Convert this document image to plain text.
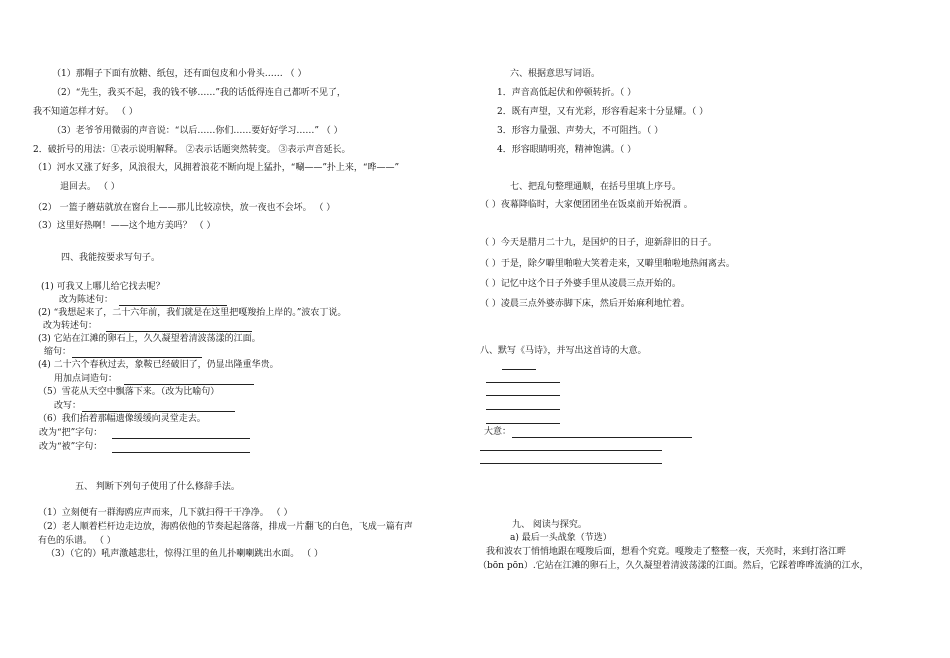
（1）那帽子下面有放糖、纸包，还有面包皮和小骨头…… （ ）
（2）“先生，我买不起，我的钱不够……”我的话低得连自己都听不见了，
我不知道怎样才好。 （ ）
（3）老爷爷用微弱的声音说：“以后……你们……要好好学习……” （ ）
2．破折号的用法：①表示说明解释。 ②表示话题突然转变。 ③表示声音延长。
（1）河水又涨了好多，风浪很大，风拥着浪花不断向堤上猛扑，“唰——”扑上来，“哗——”
退回去。 （ ）
（2） 一篮子蘑菇就放在窗台上——那儿比较凉快，放一夜也不会坏。 （ ）
（3）这里好热啊！——这个地方美吗？ （ ）
四、我能按要求写句子。
(1) 可我又上哪儿给它找去呢？
改为陈述句：
(2) “我想起来了，二十六年前，我们就是在这里把嘎羧抬上岸的。”波农丁说。
改为转述句：
(3) 它站在江滩的卵石上，久久凝望着清波荡漾的江面。
缩句：
(4) 二十六个春秋过去，象鞍已经破旧了，仍显出隆重华贵。
用加点词造句：
（5）雪花从天空中飘落下来。（改为比喻句）
改写：
（6）我们抬着那幅遗像缓缓向灵堂走去。
改为“把”字句：
改为“被”字句：
五、 判断下列句子使用了什么修辞手法。
（1）立刻便有一群海鸥应声而来，几下就扫得干干净净。 （ ）
（2）老人顺着栏杆边走边放，海鸥依他的节奏起起落落，排成一片翻飞的白色，飞成一篇有声
有色的乐谱。 （ ）
（3）（它的）吼声激越悲壮，惊得江里的鱼儿扑喇喇跳出水面。 （ ）
六、根据意思写词语。
1．声音高低起伏和停顿转折。（ ）
2．既有声望，又有光彩，形容看起来十分显耀。（ ）
3．形容力量强、声势大，不可阻挡。（ ）
4．形容眼睛明亮，精神饱满。（ ）
七、把乱句整理通顺，在括号里填上序号。
（ ）夜幕降临时，大家便团团坐在饭桌前开始祝酒 。
（ ）今天是腊月二十九，是国炉的日子，迎新辞旧的日子。
（ ）于是，除夕噼里啪啦大笑着走来，又噼里啪啦地热闹离去。
（ ）记忆中这个日子外婆手里从凌晨三点开始的。
（ ）凌晨三点外婆赤脚下床，然后开始麻利地忙着。
八、默写《马诗》，并写出这首诗的大意。
大意：
九、 阅读与探究。
a) 最后一头战象（节选）
我和波农丁悄悄地跟在嘎羧后面，想看个究竟。嘎羧走了整整一夜，天亮时，来到打洛江畔
（bōn pōn）.它站在江滩的卵石上，久久凝望着清波荡漾的江面。然后，它踩着哗哗流淌的江水，
